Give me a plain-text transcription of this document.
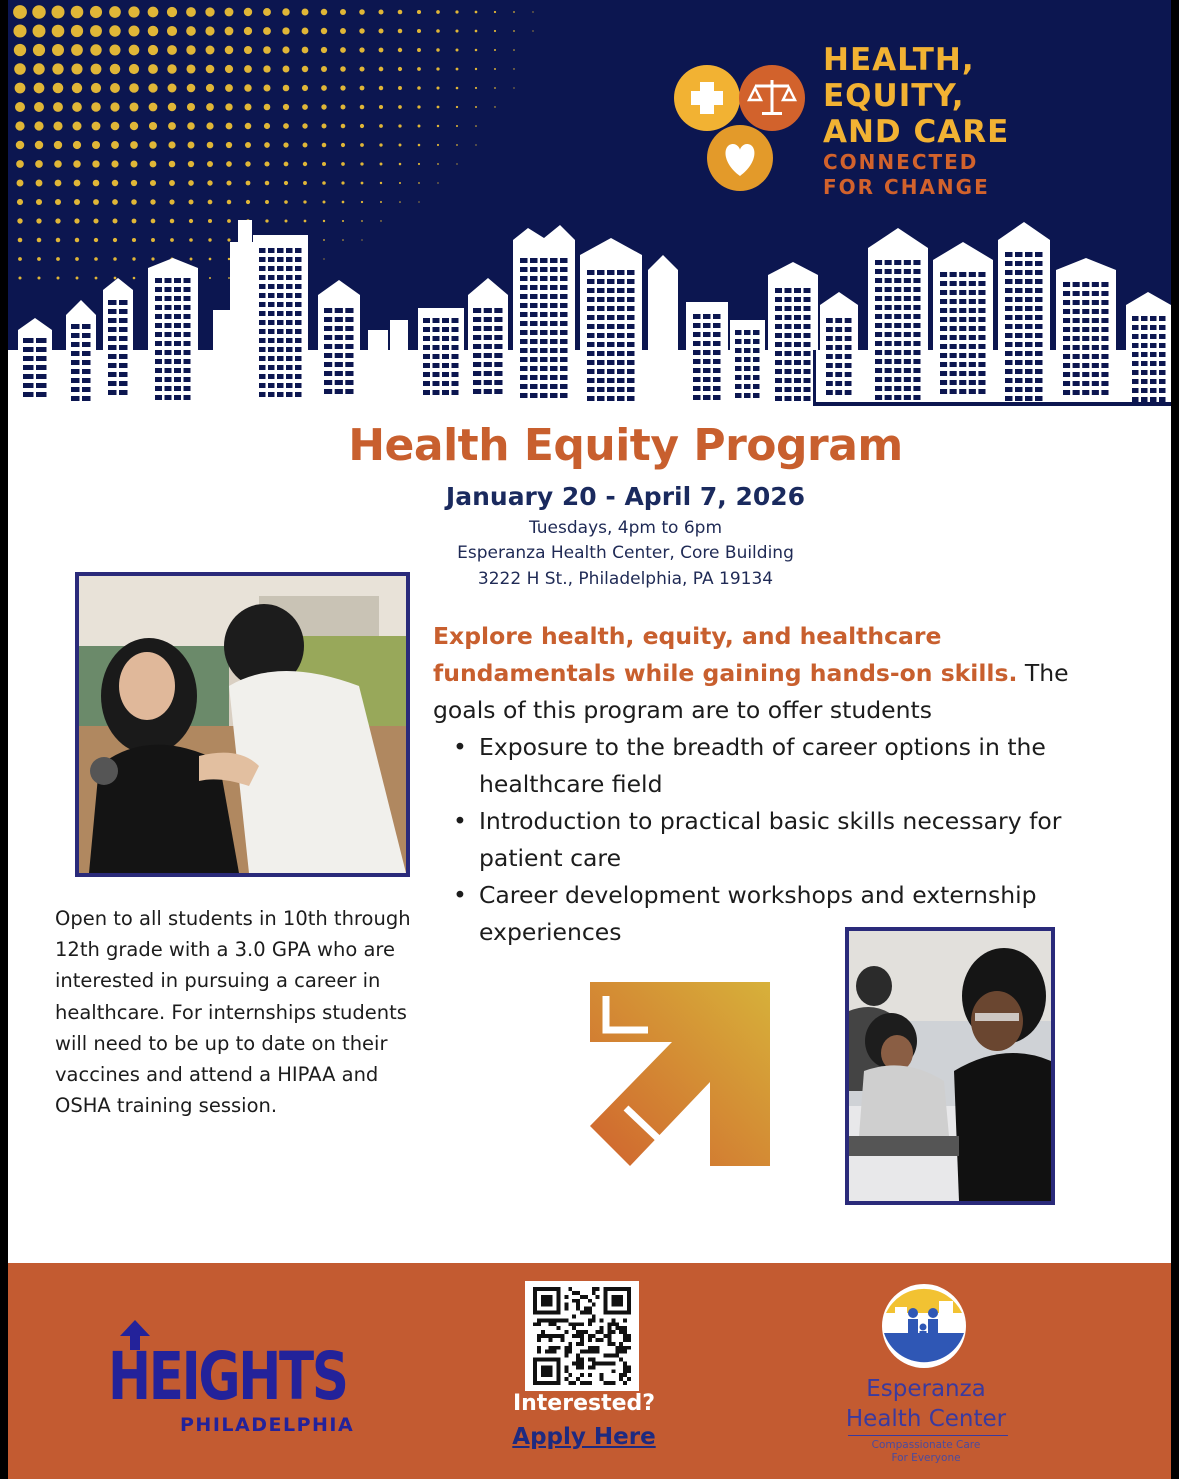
HEALTH,
EQUITY,
AND CARE
CONNECTED
FOR CHANGE
Health Equity Program
January 20 - April 7, 2026
Tuesdays, 4pm to 6pm
Esperanza Health Center, Core Building
3222 H St., Philadelphia, PA 19134
Explore health, equity, and healthcare fundamentals while gaining hands-on skills. The goals of this program are to offer students
• Exposure to the breadth of career options in the healthcare field
• Introduction to practical basic skills necessary for patient care
• Career development workshops and externship experiences
Open to all students in 10th through 12th grade with a 3.0 GPA who are interested in pursuing a career in healthcare. For internships students will need to be up to date on their vaccines and attend a HIPAA and OSHA training session.
HEIGHTS
PHILADELPHIA
Interested?
Apply Here
Esperanza
Health Center
Compassionate Care
For Everyone
